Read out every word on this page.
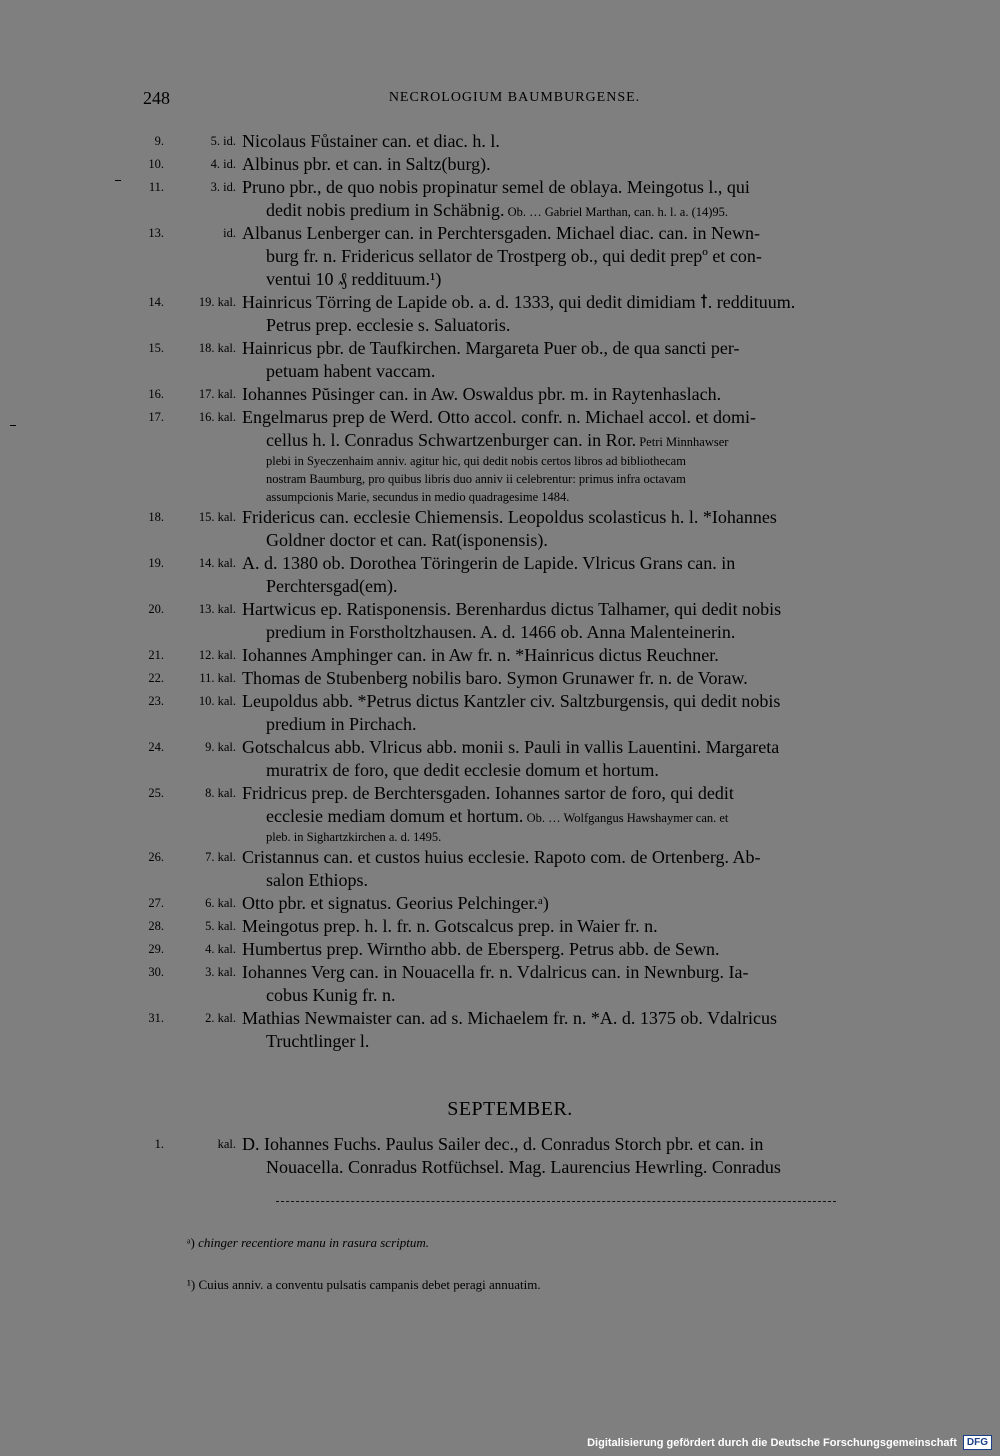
248	NECROLOGIUM BAUMBURGENSE.
9.	5. id. Nicolaus Fůstainer can. et diac. h. l.
10.	4. id. Albinus pbr. et can. in Saltz(burg).
11.	3. id. Pruno pbr., de quo nobis propinatur semel de oblaya. Meingotus l., qui
dedit nobis predium in Schäbnig. Ob. … Gabriel Marthan, can. h. l. a. (14)95.
13.	id. Albanus Lenberger can. in Perchtersgaden. Michael diac. can. in Newn-
burg fr. n. Fridericus sellator de Trostperg ob., qui dedit prepº et con-
ventui 10 ₰ reddituum.¹)
14.	19. kal. Hainricus Törring de Lapide ob. a. d. 1333, qui dedit dimidiam ꝉ. reddituum.
Petrus prep. ecclesie s. Saluatoris.
15.	18. kal. Hainricus pbr. de Taufkirchen. Margareta Puer ob., de qua sancti per-
petuam habent vaccam.
16.	17. kal. Iohannes Pŭsinger can. in Aw. Oswaldus pbr. m. in Raytenhaslach.
17.	16. kal. Engelmarus prep de Werd. Otto accol. confr. n. Michael accol. et domi-
cellus h. l. Conradus Schwartzenburger can. in Ror. Petri Minnhawser
plebi in Syeczenhaim anniv. agitur hic, qui dedit nobis certos libros ad bibliothecam
nostram Baumburg, pro quibus libris duo anniv ii celebrentur: primus infra octavam
assumpcionis Marie, secundus in medio quadragesime 1484.
18.	15. kal. Fridericus can. ecclesie Chiemensis. Leopoldus scolasticus h. l. *Iohannes
Goldner doctor et can. Rat(isponensis).
19.	14. kal. A. d. 1380 ob. Dorothea Töringerin de Lapide. Vlricus Grans can. in
Perchtersgad(em).
20.	13. kal. Hartwicus ep. Ratisponensis. Berenhardus dictus Talhamer, qui dedit nobis
predium in Forstholtzhausen. A. d. 1466 ob. Anna Malenteinerin.
21.	12. kal. Iohannes Amphinger can. in Aw fr. n. *Hainricus dictus Reuchner.
22.	11. kal. Thomas de Stubenberg nobilis baro. Symon Grunawer fr. n. de Voraw.
23.	10. kal. Leupoldus abb. *Petrus dictus Kantzler civ. Saltzburgensis, qui dedit nobis
predium in Pirchach.
24.	9. kal. Gotschalcus abb. Vlricus abb. monii s. Pauli in vallis Lauentini. Margareta
muratrix de foro, que dedit ecclesie domum et hortum.
25.	8. kal. Fridricus prep. de Berchtersgaden. Iohannes sartor de foro, qui dedit
ecclesie mediam domum et hortum. Ob. … Wolfgangus Hawshaymer can. et
pleb. in Sighartzkirchen a. d. 1495.
26.	7. kal. Cristannus can. et custos huius ecclesie. Rapoto com. de Ortenberg. Ab-
salon Ethiops.
27.	6. kal. Otto pbr. et signatus. Georius Pelchinger.ᵃ)
28.	5. kal. Meingotus prep. h. l. fr. n. Gotscalcus prep. in Waier fr. n.
29.	4. kal. Humbertus prep. Wirntho abb. de Ebersperg. Petrus abb. de Sewn.
30.	3. kal. Iohannes Verg can. in Nouacella fr. n. Vdalricus can. in Newnburg. Ia-
cobus Kunig fr. n.
31.	2. kal. Mathias Newmaister can. ad s. Michaelem fr. n. *A. d. 1375 ob. Vdalricus
Truchtlinger l.
SEPTEMBER.
1.	kal. D. Iohannes Fuchs. Paulus Sailer dec., d. Conradus Storch pbr. et can. in
Nouacella. Conradus Rotfüchsel. Mag. Laurencius Hewrling. Conradus
ᵃ) chinger recentiore manu in rasura scriptum.
¹) Cuius anniv. a conventu pulsatis campanis debet peragi annuatim.
Digitalisierung gefördert durch die Deutsche Forschungsgemeinschaft	DFG
